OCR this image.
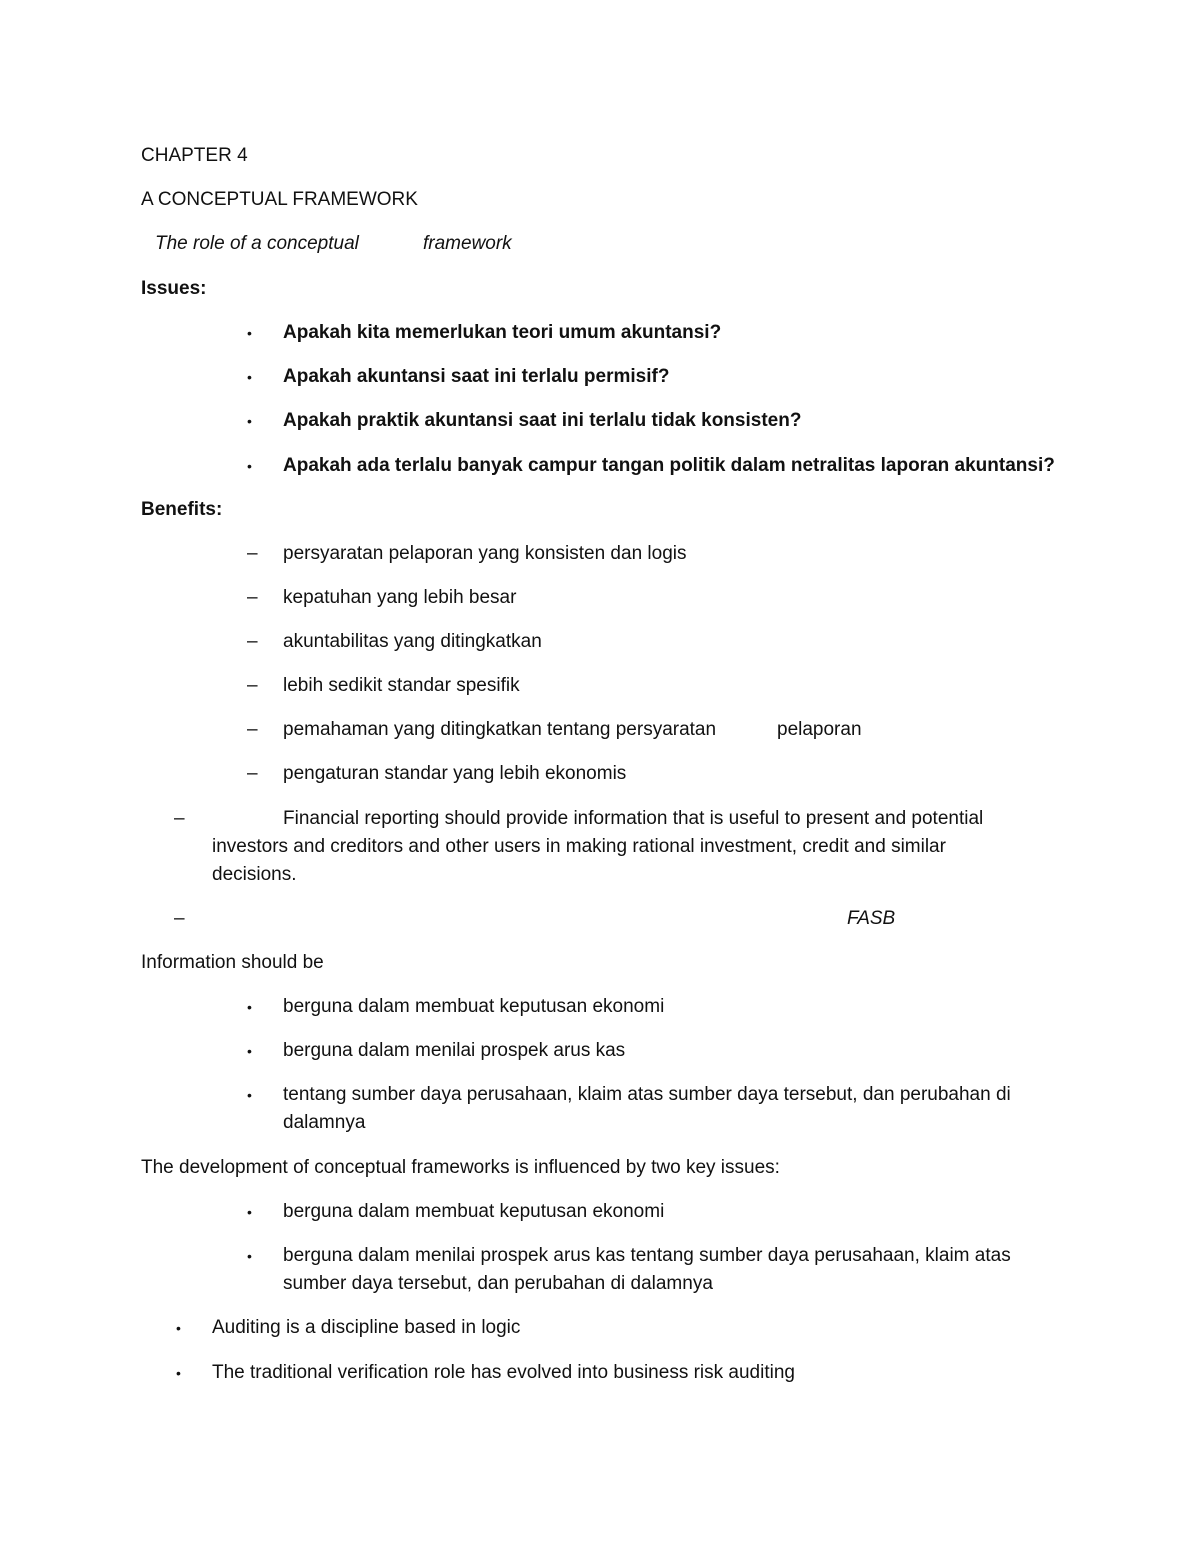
CHAPTER 4
A CONCEPTUAL FRAMEWORK
The role of a conceptual	framework
Issues:
• Apakah kita memerlukan teori umum akuntansi?
• Apakah akuntansi saat ini terlalu permisif?
• Apakah praktik akuntansi saat ini terlalu tidak konsisten?
• Apakah ada terlalu banyak campur tangan politik dalam netralitas laporan akuntansi?
Benefits:
– persyaratan pelaporan yang konsisten dan logis
– kepatuhan yang lebih besar
– akuntabilitas yang ditingkatkan
– lebih sedikit standar spesifik
– pemahaman yang ditingkatkan tentang persyaratan	pelaporan
– pengaturan standar yang lebih ekonomis
–	Financial reporting should provide information that is useful to present and potential
investors and creditors and other users in making rational investment, credit and similar
decisions.
–	FASB
Information should be
• berguna dalam membuat keputusan ekonomi
• berguna dalam menilai prospek arus kas
• tentang sumber daya perusahaan, klaim atas sumber daya tersebut, dan perubahan di
dalamnya
The development of conceptual frameworks is influenced by two key issues:
• berguna dalam membuat keputusan ekonomi
• berguna dalam menilai prospek arus kas tentang sumber daya perusahaan, klaim atas
sumber daya tersebut, dan perubahan di dalamnya
• Auditing is a discipline based in logic
• The traditional verification role has evolved into business risk auditing
